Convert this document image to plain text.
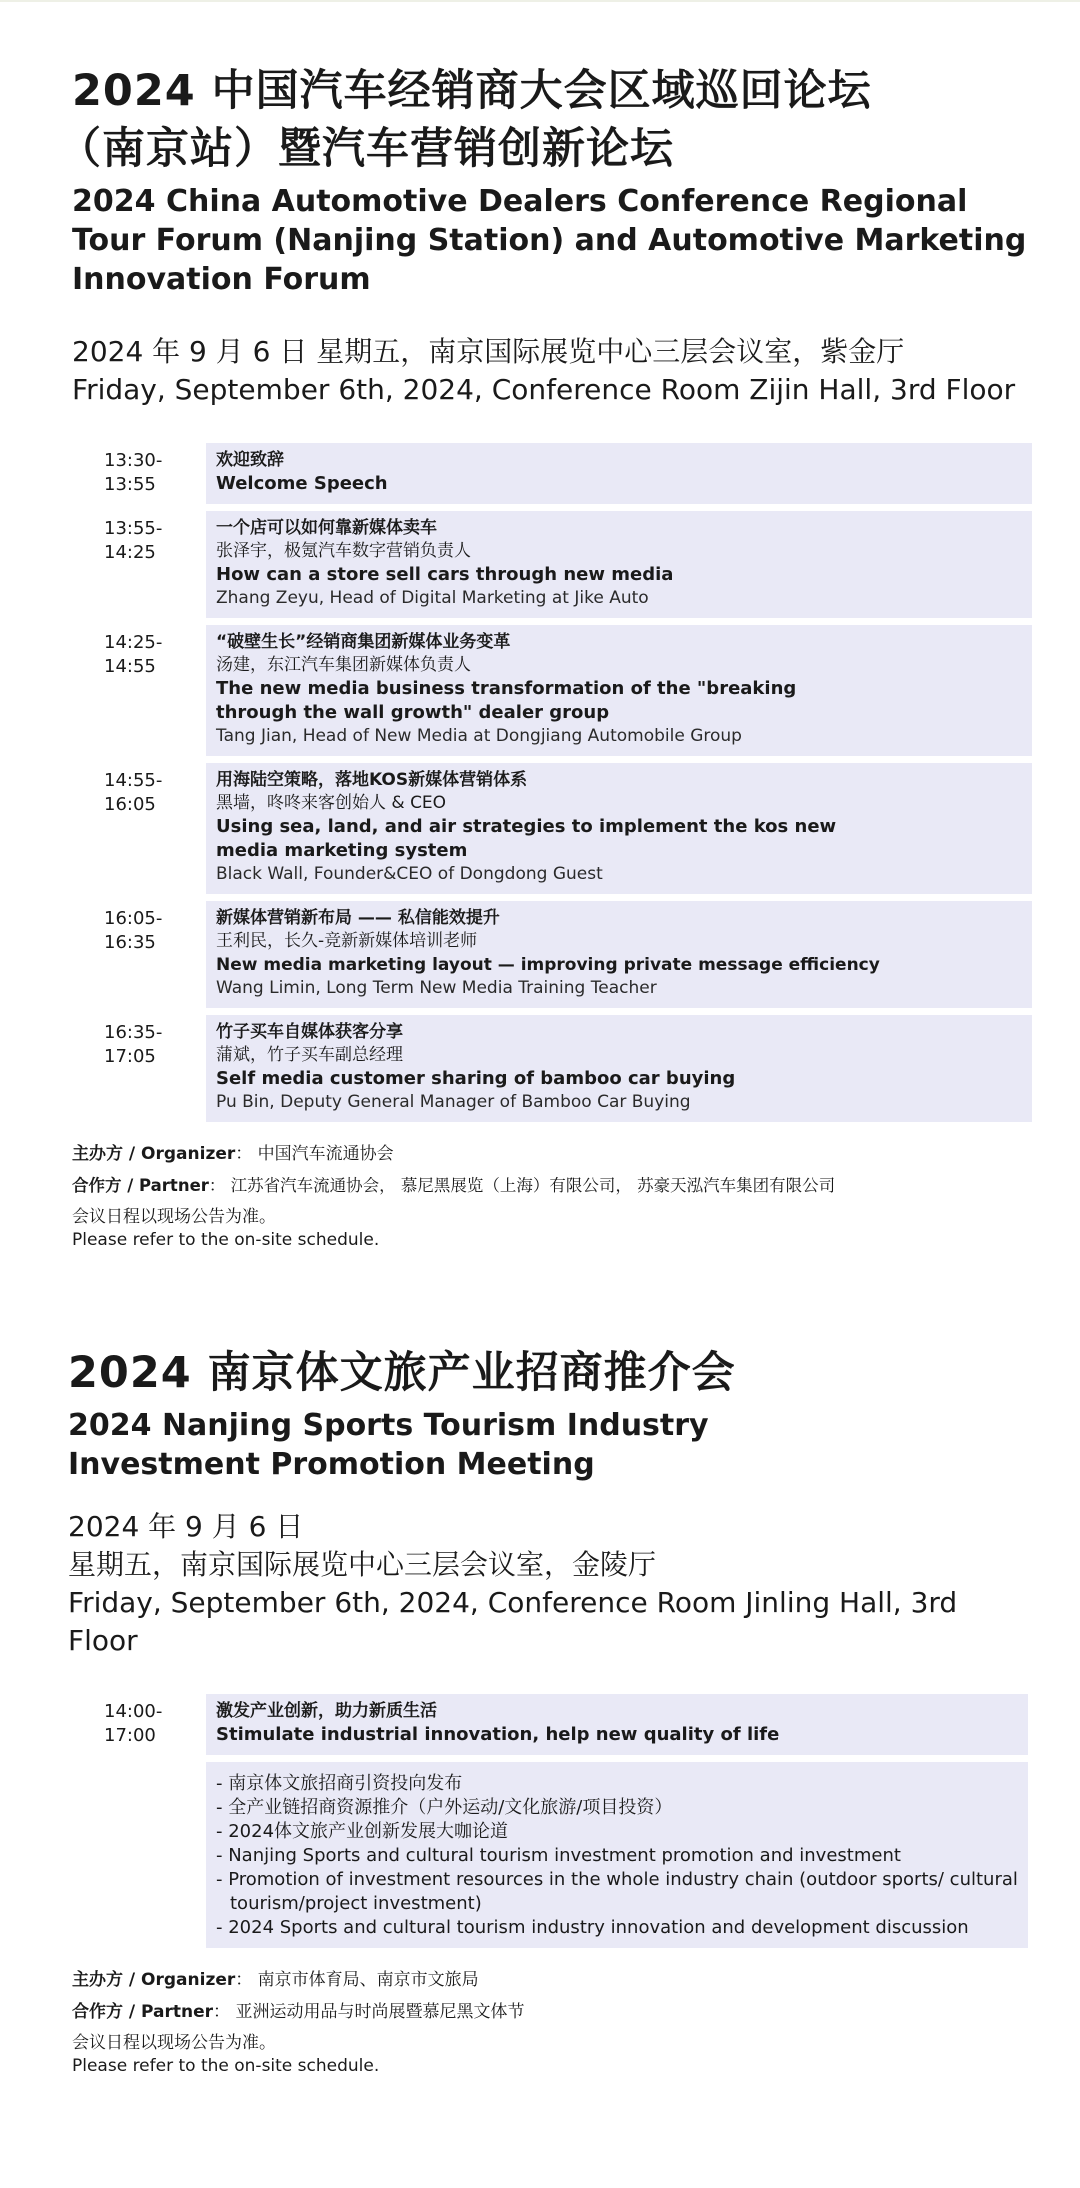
2024 中国汽车经销商大会区域巡回论坛
（南京站）暨汽车营销创新论坛
2024 China Automotive Dealers Conference Regional Tour Forum (Nanjing Station) and Automotive Marketing Innovation Forum

2024 年 9 月 6 日 星期五，南京国际展览中心三层会议室，紫金厅

Friday, September 6th, 2024, Conference Room Zijin Hall, 3rd Floor

13:30-
13:55
欢迎致辞
Welcome Speech
13:55-
14:25
一个店可以如何靠新媒体卖车
张泽宇，极氪汽车数字营销负责人
How can a store sell cars through new media
Zhang Zeyu, Head of Digital Marketing at Jike Auto
14:25-
14:55
“破壁生长”经销商集团新媒体业务变革
汤建，东江汽车集团新媒体负责人
The new media business transformation of the "breaking through the wall growth" dealer group
Tang Jian, Head of New Media at Dongjiang Automobile Group
14:55-
16:05
用海陆空策略，落地KOS新媒体营销体系
黑墙，咚咚来客创始人 & CEO
Using sea, land, and air strategies to implement the kos new media marketing system
Black Wall, Founder&CEO of Dongdong Guest
16:05-
16:35
新媒体营销新布局 —— 私信能效提升
王利民，长久-竞新新媒体培训老师
New media marketing layout — improving private message efficiency
Wang Limin, Long Term New Media Training Teacher
16:35-
17:05
竹子买车自媒体获客分享
蒲斌，竹子买车副总经理
Self media customer sharing of bamboo car buying
Pu Bin, Deputy General Manager of Bamboo Car Buying
主办方 / Organizer： 中国汽车流通协会
合作方 / Partner： 江苏省汽车流通协会， 慕尼黑展览（上海）有限公司， 苏豪天泓汽车集团有限公司
会议日程以现场公告为准。
Please refer to the on-site schedule.
2024 南京体文旅产业招商推介会
2024 Nanjing Sports Tourism Industry Investment Promotion Meeting

2024 年 9 月 6 日

星期五，南京国际展览中心三层会议室，金陵厅

Friday, September 6th, 2024, Conference Room Jinling Hall, 3rd Floor

14:00-
17:00
激发产业创新，助力新质生活
Stimulate industrial innovation, help new quality of life
- 南京体文旅招商引资投向发布
- 全产业链招商资源推介（户外运动/文化旅游/项目投资）
- 2024体文旅产业创新发展大咖论道
- Nanjing Sports and cultural tourism investment promotion and investment
- Promotion of investment resources in the whole industry chain (outdoor sports/ cultural tourism/project investment)
- 2024 Sports and cultural tourism industry innovation and development discussion
主办方 / Organizer： 南京市体育局、南京市文旅局
合作方 / Partner： 亚洲运动用品与时尚展暨慕尼黑文体节
会议日程以现场公告为准。
Please refer to the on-site schedule.
